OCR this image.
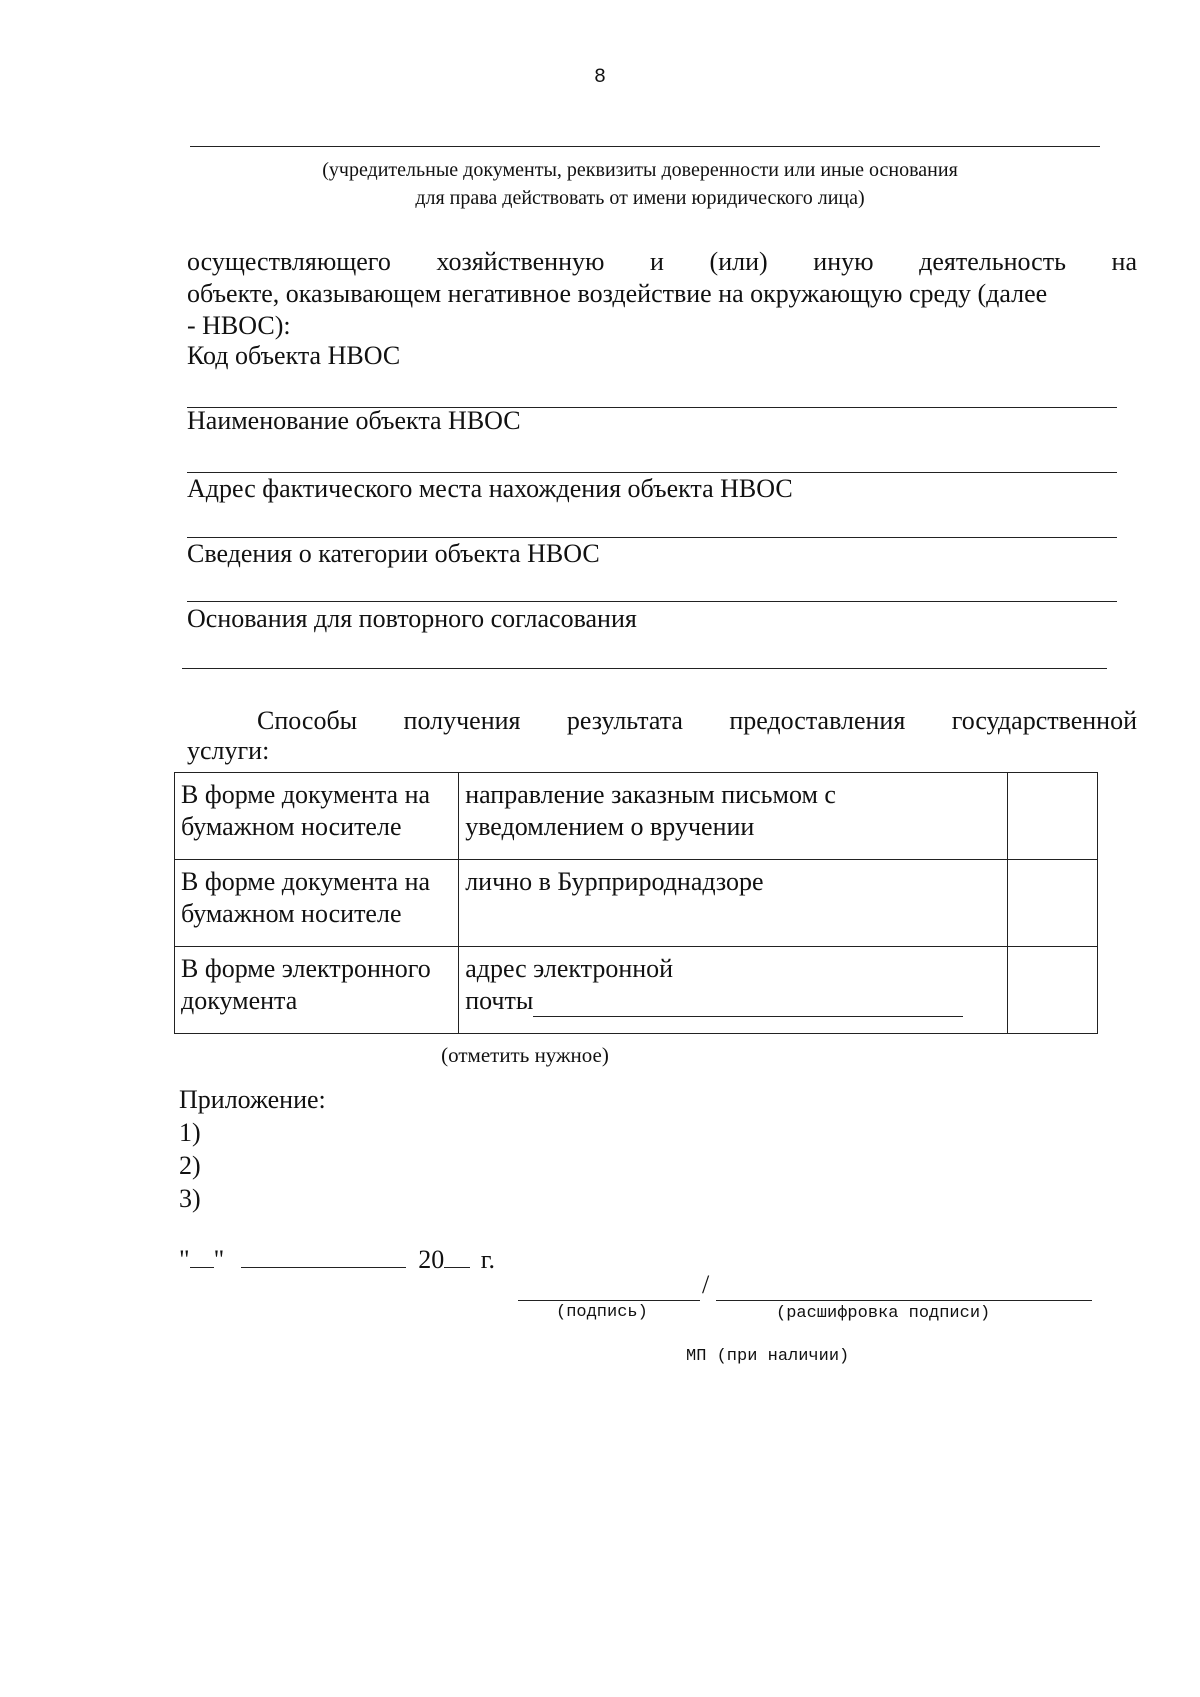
8
(учредительные документы, реквизиты доверенности или иные основания
для права действовать от имени юридического лица)
осуществляющего хозяйственную и (или) иную деятельность на
объекте, оказывающем негативное воздействие на окружающую среду (далее
- НВОС):
Код объекта НВОС
Наименование объекта НВОС
Адрес фактического места нахождения объекта НВОС
Сведения о категории объекта НВОС
Основания для повторного согласования
Способы получения результата предоставления государственной
услуги:
В форме документа на бумажном носителе	направление заказным письмом с уведомлением о вручении	
В форме документа на бумажном носителе	лично в Бурприроднадзоре	
В форме электронного документа	адрес электронной
почты	

(отметить нужное)
Приложение:
1)
2)
3)
" "	20 г.
/
(подпись)	(расшифровка подписи)
МП (при наличии)
